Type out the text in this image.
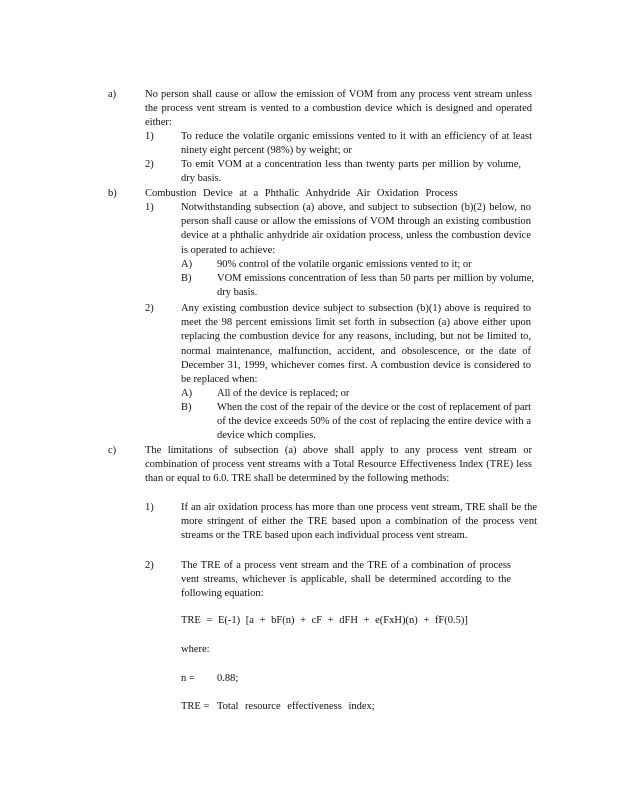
a)	No person shall cause or allow the emission of VOM from any process vent stream unless the process vent stream is vented to a combustion device which is designed and operated either:

1)	To reduce the volatile organic emissions vented to it with an efficiency of at least ninety eight percent (98%) by weight; or

2)	To emit VOM at a concentration less than twenty parts per million by volume, dry basis.

b)	Combustion Device at a Phthalic Anhydride Air Oxidation Process
1)	Notwithstanding subsection (a) above, and subject to subsection (b)(2) below, no person shall cause or allow the emissions of VOM through an existing combustion device at a phthalic anhydride air oxidation process, unless the combustion device is operated to achieve:

A) 90% control of the volatile organic emissions vented to it; or

B) VOM emissions concentration of less than 50 parts per million by volume, dry basis.

2)	Any existing combustion device subject to subsection (b)(1) above is required to meet the 98 percent emissions limit set forth in subsection (a) above either upon replacing the combustion device for any reasons, including, but not be limited to, normal maintenance, malfunction, accident, and obsolescence, or the date of December 31, 1999, whichever comes first. A combustion device is considered to be replaced when:

A) All of the device is replaced; or

B) When the cost of the repair of the device or the cost of replacement of part of the device exceeds 50% of the cost of replacing the entire device with a device which complies.

c)	The limitations of subsection (a) above shall apply to any process vent stream or combination of process vent streams with a Total Resource Effectiveness Index (TRE) less than or equal to 6.0. TRE shall be determined by the following methods:

1)	If an air oxidation process has more than one process vent stream, TRE shall be the more stringent of either the TRE based upon a combination of the process vent streams or the TRE based upon each individual process vent stream.

2)	The TRE of a process vent stream and the TRE of a combination of process vent streams, whichever is applicable, shall be determined according to the following equation:

TRE = E(-1) [a + bF(n) + cF + dFH + e(FxH)(n) + fF(0.5)]
where:
n = 0.88;
TRE = Total resource effectiveness index;
